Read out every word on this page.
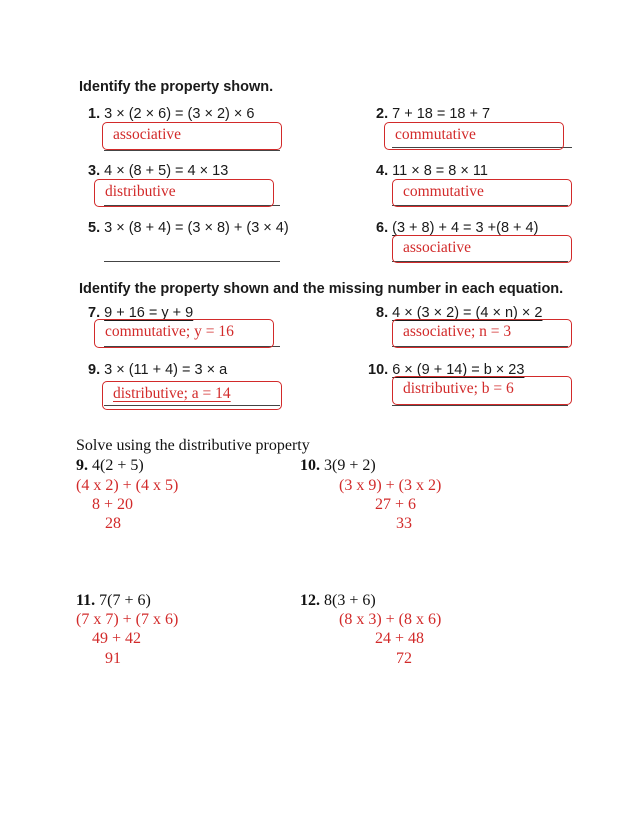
Identify the property shown.
1. 3 × (2 × 6) = (3 × 2) × 6
associative
2. 7 + 18 = 18 + 7
commutative
3. 4 × (8 + 5) = 4 × 13
distributive
4. 11 × 8 = 8 × 11
commutative
5. 3 × (8 + 4) = (3 × 8) + (3 × 4)	6. (3 + 8) + 4 = 3 +(8 + 4)
associative
Identify the property shown and the missing number in each equation.
7. 9 + 16 = y + 9
commutative; y = 16
8. 4 × (3 × 2) = (4 × n) × 2
associative; n = 3
9. 3 × (11 + 4) = 3 × a
distributive; a = 14
10. 6 × (9 + 14) = b × 23
distributive; b = 6
Solve using the distributive property
9. 4(2 + 5)
(4 x 2) + (4 x 5)
8 + 20
28
10. 3(9 + 2)
(3 x 9) + (3 x 2)
27 + 6
33
11. 7(7 + 6)
(7 x 7) + (7 x 6)
49 + 42
91
12. 8(3 + 6)
(8 x 3) + (8 x 6)
24 + 48
72
